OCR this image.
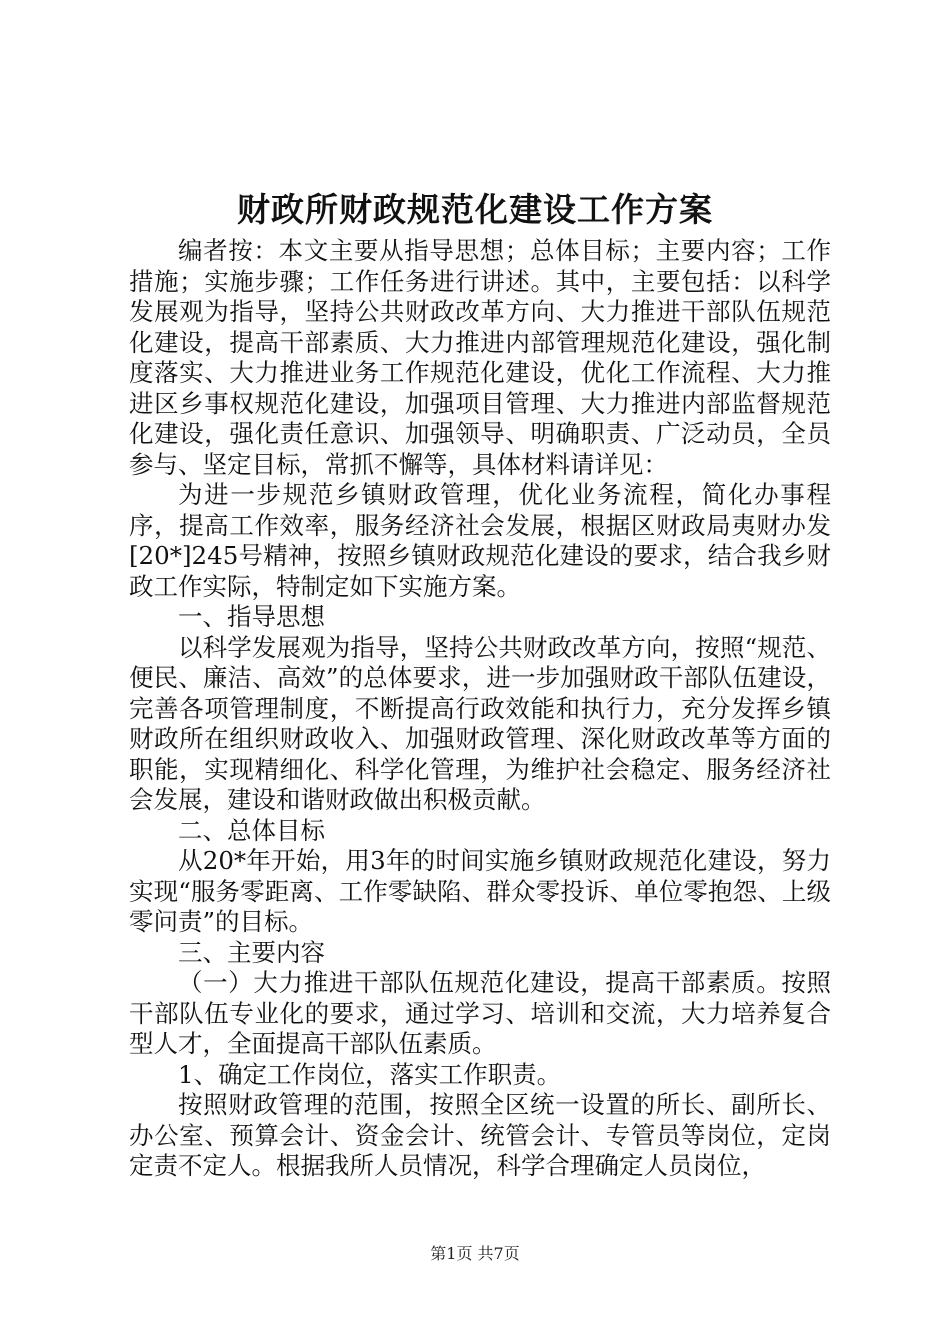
财政所财政规范化建设工作方案

编者按：本文主要从指导思想；总体目标；主要内容；工作措施；实施步骤；工作任务进行讲述。其中，主要包括：以科学发展观为指导，坚持公共财政改革方向、大力推进干部队伍规范化建设，提高干部素质、大力推进内部管理规范化建设，强化制度落实、大力推进业务工作规范化建设，优化工作流程、大力推进区乡事权规范化建设，加强项目管理、大力推进内部监督规范化建设，强化责任意识、加强领导、明确职责、广泛动员，全员参与、坚定目标，常抓不懈等，具体材料请详见：

为进一步规范乡镇财政管理，优化业务流程，简化办事程序，提高工作效率，服务经济社会发展，根据区财政局夷财办发[20*]245号精神，按照乡镇财政规范化建设的要求，结合我乡财政工作实际，特制定如下实施方案。

一、指导思想

以科学发展观为指导，坚持公共财政改革方向，按照“规范、便民、廉洁、高效”的总体要求，进一步加强财政干部队伍建设，完善各项管理制度，不断提高行政效能和执行力，充分发挥乡镇财政所在组织财政收入、加强财政管理、深化财政改革等方面的职能，实现精细化、科学化管理，为维护社会稳定、服务经济社会发展，建设和谐财政做出积极贡献。

二、总体目标

从20*年开始，用3年的时间实施乡镇财政规范化建设，努力实现“服务零距离、工作零缺陷、群众零投诉、单位零抱怨、上级零问责”的目标。

三、主要内容

（一）大力推进干部队伍规范化建设，提高干部素质。按照干部队伍专业化的要求，通过学习、培训和交流，大力培养复合型人才，全面提高干部队伍素质。

1、确定工作岗位，落实工作职责。

按照财政管理的范围，按照全区统一设置的所长、副所长、办公室、预算会计、资金会计、统管会计、专管员等岗位，定岗定责不定人。根据我所人员情况，科学合理确定人员岗位，

第1页 共7页
